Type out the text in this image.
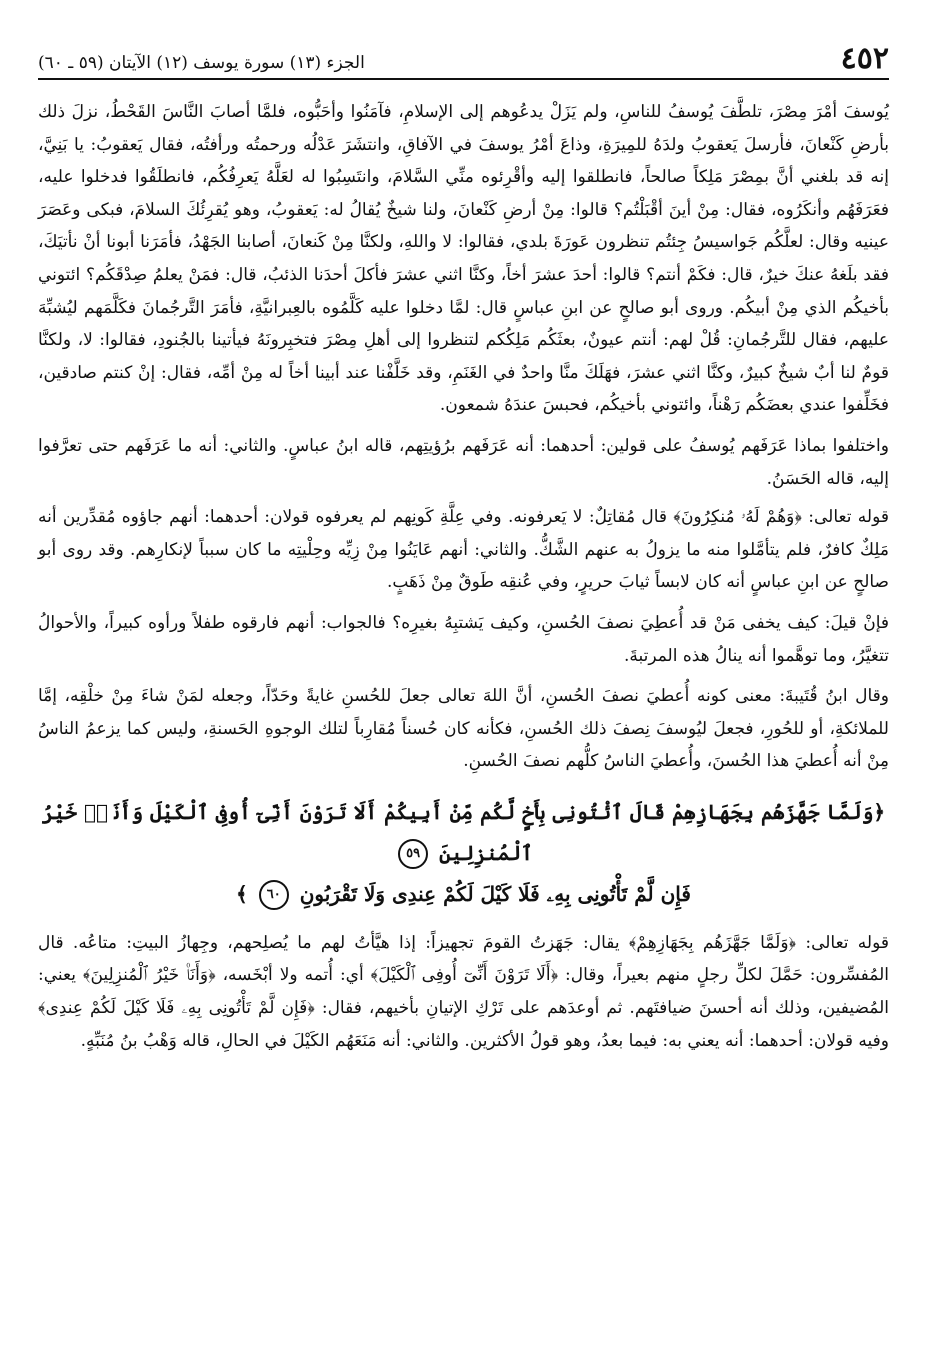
٤٥٢
الجزء (١٣) سورة يوسف (١٢) الآيتان (٥٩ ـ ٦٠)

يُوسفَ أمْرَ مِصْرَ، تلطَّفَ يُوسفُ للناسِ، ولم يَزَلْ يدعُوهم إلى الإسلامِ، فآمَنُوا وأحَبُّوه، فلمَّا أصابَ النَّاسَ القَحْطُ، نزلَ ذلك بأرضِ كَنْعانَ، فأرسلَ يَعقوبُ ولدَهُ للمِيرَةِ، وذاعَ أمْرُ يوسفَ في الآفاقِ، وانتشَرَ عَدْلُه ورحمتُه ورأفتُه، فقال يَعقوبُ: يا بَنِيَّ، إنه قد بلغني أنَّ بمِصْرَ مَلِكاً صالحاً، فانطلقوا إليه وأقْرِئوه منِّي السَّلامَ، وانتَسِبُوا له لعَلَّهُ يَعرِفُكُم، فانطلَقُوا فدخلوا عليه، فعَرَفَهُم وأنكَرُوه، فقال: مِنْ أينَ أقْبَلْتُم؟ قالوا: مِنْ أرضِ كَنْعانَ، ولنا شيخٌ يُقالُ له: يَعقوبُ، وهو يُقرِئُكَ السلامَ، فبكى وعَصَرَ عينيه وقال: لعلَّكُم جَواسيسُ جِئتُم تنظرون عَورَةَ بلدي، فقالوا: لا واللهِ، ولكنَّا مِنْ كَنعانَ، أصابنا الجَهْدُ، فأمَرَنا أبونا أنْ نأتيَكَ، فقد بلَغهُ عنكَ خيرٌ، قال: فكَمْ أنتم؟ قالوا: أحدَ عشرَ أخاً، وكنَّا اثني عشرَ فأكلَ أحدَنا الذئبُ، قال: فمَنْ يعلمُ صِدْقَكُم؟ ائتوني بأخيكُم الذي مِنْ أبيكُم. وروى أبو صالحٍ عن ابنِ عباسٍ قال: لمَّا دخلوا عليه كَلَّمُوه بالعِبرانيَّةِ، فأمَرَ التَّرجُمانَ فكَلَّمَهم ليُشبِّهَ عليهم، فقال للتَّرجُمانِ: قُلْ لهم: أنتم عيونٌ، بعثَكُم مَلِكُكم لتنظروا إلى أهلِ مِصْرَ فتخبِرونَهُ فيأتينا بالجُنودِ، فقالوا: لا، ولكنَّا قومٌ لنا أبٌ شيخٌ كبيرٌ، وكنَّا اثني عشرَ، فهَلَكَ منَّا واحدٌ في الغَنَمِ، وقد خَلَّفْنا عند أبينا أخاً له مِنْ أمِّه، فقال: إنْ كنتم صادقين، فخَلِّفوا عندي بعضَكُم رَهْناً، وائتوني بأخيكُم، فحبسَ عندَهُ شمعون.

واختلفوا بماذا عَرَفَهم يُوسفُ على قولين: أحدهما: أنه عَرَفَهم برُؤيتِهم، قاله ابنُ عباسٍ. والثاني: أنه ما عَرَفَهم حتى تعرَّفوا إليه، قاله الحَسَنُ.

قوله تعالى: ﴿وَهُمْ لَهُۥ مُنكِرُونَ﴾ قال مُقاتِلٌ: لا يَعرفونه. وفي عِلَّةِ كَونِهم لم يعرفوه قولان: أحدهما: أنهم جاؤوه مُقدِّرين أنه مَلِكٌ كافرٌ، فلم يتأمَّلوا منه ما يزولُ به عنهم الشَّكُّ. والثاني: أنهم عَايَنُوا مِنْ زِيِّه وحِلْيتِه ما كان سبباً لإنكارِهم. وقد روى أبو صالحٍ عن ابنِ عباسٍ أنه كان لابساً ثيابَ حريرٍ، وفي عُنقِه طَوقٌ مِنْ ذَهَبٍ.

فإنْ قيلَ: كيف يخفى مَنْ قد أُعطِيَ نصفَ الحُسنِ، وكيف يَشتبِهُ بغيرِه؟ فالجواب: أنهم فارقوه طفلاً ورأوه كبيراً، والأحوالُ تتغيَّرُ، وما توهَّموا أنه ينالُ هذه المرتبةَ.

وقال ابنُ قُتَيبةَ: معنى كونه أُعطيَ نصفَ الحُسنِ، أنَّ اللهَ تعالى جعلَ للحُسنِ غايةً وحَدّاً، وجعله لمَنْ شاءَ مِنْ خلْقِه، إمَّا للملائكةِ، أو للحُورِ، فجعلَ ليُوسفَ نِصفَ ذلك الحُسنِ، فكأنه كان حُسناً مُقارِباً لتلك الوجوهِ الحَسنةِ، وليس كما يزعمُ الناسُ مِنْ أنه أُعطيَ هذا الحُسنَ، وأُعطيَ الناسُ كلُّهم نصفَ الحُسنِ.

﴿وَلَمَّا جَهَّزَهُم بِجَهَازِهِمْ قَالَ ٱئْتُونِى بِأَخٍ لَّكُم مِّنْ أَبِيكُمْ أَلَا تَرَوْنَ أَنِّىٓ أُوفِى ٱلْكَيْلَ وَأَنَا۠ خَيْرُ ٱلْمُنزِلِينَ ٥٩
فَإِن لَّمْ تَأْتُونِى بِهِۦ فَلَا كَيْلَ لَكُمْ عِندِى وَلَا تَقْرَبُونِ ٦٠ ﴾

قوله تعالى: ﴿وَلَمَّا جَهَّزَهُم بِجَهَازِهِمْ﴾ يقال: جَهَزتُ القومَ تجهيزاً: إذا هيَّأتُ لهم ما يُصلِحهم، وجِهازُ البيتِ: متاعُه. قال المُفسِّرون: حَمَّلَ لكلِّ رجلٍ منهم بعيراً، وقال: ﴿أَلَا تَرَوْنَ أَنِّىٓ أُوفِى ٱلْكَيْلَ﴾ أي: أُتمه ولا أبْخَسه، ﴿وَأَنَا۠ خَيْرُ ٱلْمُنزِلِينَ﴾ يعني: المُضيفين، وذلك أنه أحسنَ ضيافتَهم. ثم أوعدَهم على تَرْكِ الإتيانِ بأخيهم، فقال: ﴿فَإِن لَّمْ تَأْتُونِى بِهِۦ فَلَا كَيْلَ لَكُمْ عِندِى﴾ وفيه قولان: أحدهما: أنه يعني به: فيما بعدُ، وهو قولُ الأكثرين. والثاني: أنه مَنَعَهُم الكَيْلَ في الحالِ، قاله وَهْبُ بنُ مُنَبِّهٍ.
